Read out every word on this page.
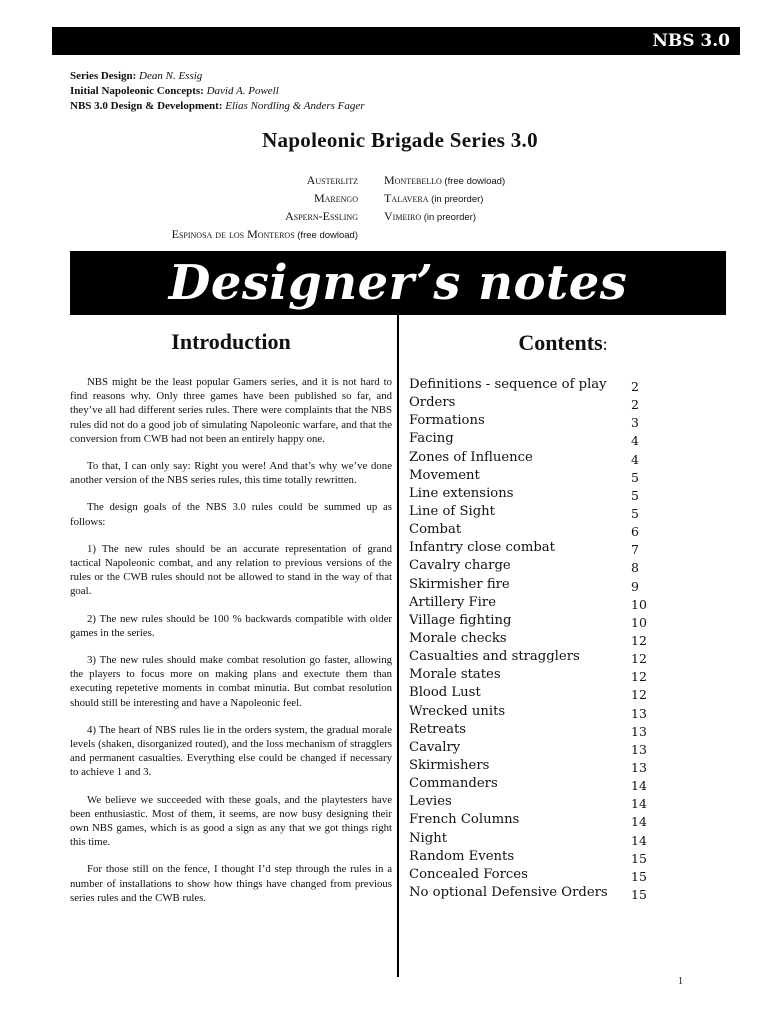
NBS 3.0
Series Design: Dean N. Essig
Initial Napoleonic Concepts: David A. Powell
NBS 3.0 Design & Development: Elias Nordling & Anders Fager
Napoleonic Brigade Series 3.0
Austerlitz
Marengo
Aspern-Essling
Espinosa de los Monteros (free dowload)
Montebello (free dowload)
Talavera (in preorder)
Vimeiro (in preorder)
Designer’s notes
Introduction

NBS might be the least popular Gamers series, and it is not hard to find reasons why. Only three games have been published so far, and they’ve all had different series rules. There were complaints that the NBS rules did not do a good job of simulating Napoleonic warfare, and that the conversion from CWB had not been an entirely happy one.

To that, I can only say: Right you were! And that’s why we’ve done another version of the NBS series rules, this time totally rewritten.

The design goals of the NBS 3.0 rules could be summed up as follows:

1) The new rules should be an accurate representation of grand tactical Napoleonic combat, and any relation to previous versions of the rules or the CWB rules should not be allowed to stand in the way of that goal.

2) The new rules should be 100 % backwards compatible with older games in the series.

3) The new rules should make combat resolution go faster, allowing the players to focus more on making plans and exectute them than executing repetetive moments in combat minutia. But combat resolution should still be interesting and have a Napoleonic feel.

4) The heart of NBS rules lie in the orders system, the gradual morale levels (shaken, disorganized routed), and the loss mechanism of stragglers and permanent casualties. Everything else could be changed if necessary to achieve 1 and 3.

We believe we succeeded with these goals, and the playtesters have been enthusiastic. Most of them, it seems, are now busy designing their own NBS games, which is as good a sign as any that we got things right this time.

For those still on the fence, I thought I’d step through the rules in a number of installations to show how things have changed from previous series rules and the CWB rules.

Contents:
Definitions - sequence of play 2
Orders	2
Formations	3
Facing	4
Zones of Influence	4
Movement	5
Line extensions	5
Line of Sight	5
Combat	6
Infantry close combat	7
Cavalry charge	8
Skirmisher fire	9
Artillery Fire	10
Village fighting	10
Morale checks	12
Casualties and stragglers	12
Morale states	12
Blood Lust	12
Wrecked units	13
Retreats	13
Cavalry	13
Skirmishers	13
Commanders	14
Levies	14
French Columns	14
Night	14
Random Events	15
Concealed Forces	15
No optional Defensive Orders 15
1
